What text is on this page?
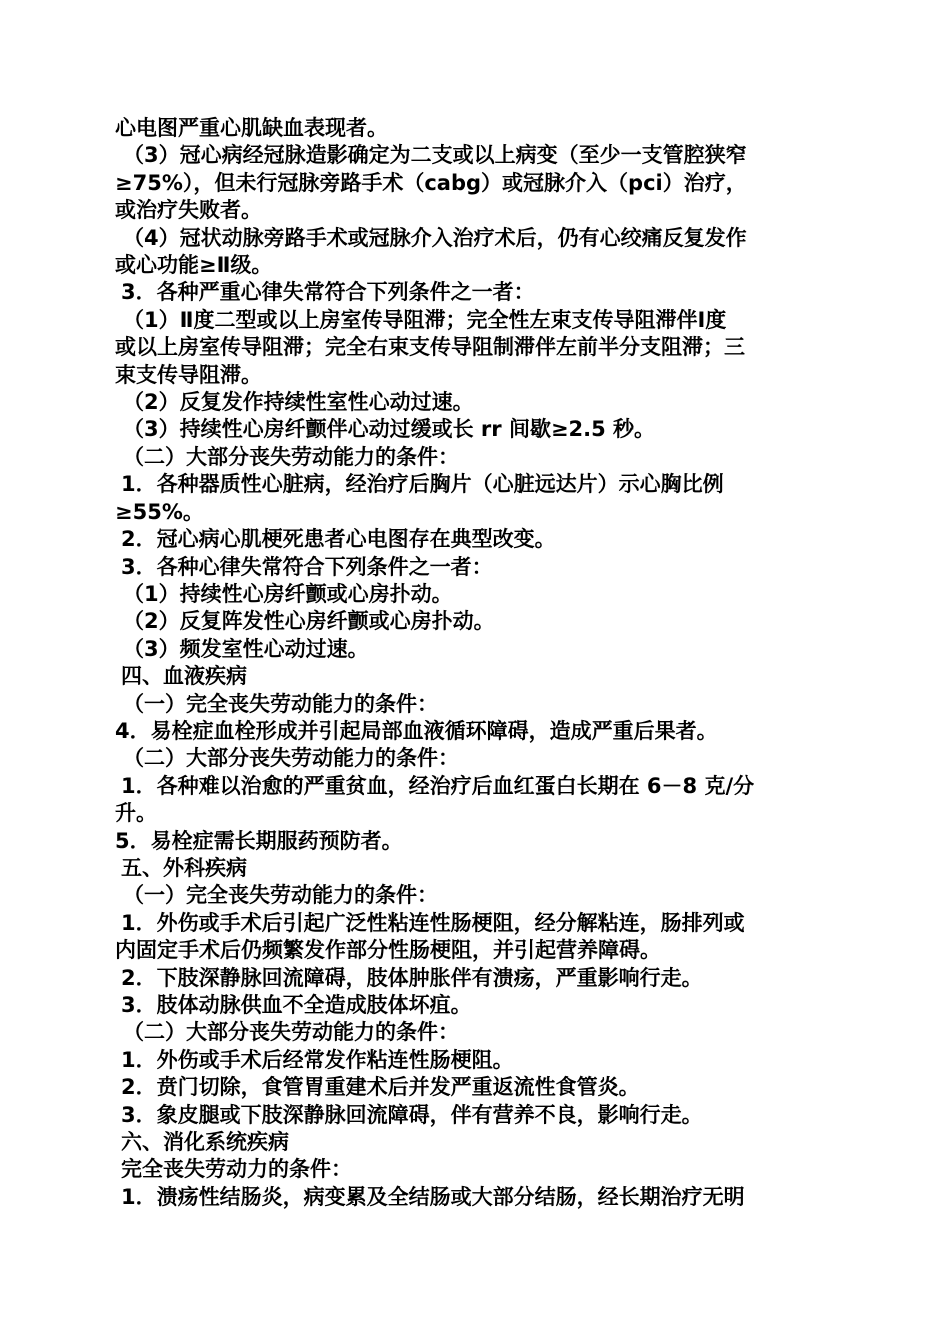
心电图严重心肌缺血表现者。
（3）冠心病经冠脉造影确定为二支或以上病变（至少一支管腔狭窄
≥75%），但未行冠脉旁路手术（cabg）或冠脉介入（pci）治疗，
或治疗失败者。
（4）冠状动脉旁路手术或冠脉介入治疗术后，仍有心绞痛反复发作
或心功能≥Ⅱ级。
3．各种严重心律失常符合下列条件之一者：
（1）Ⅱ度二型或以上房室传导阻滞；完全性左束支传导阻滞伴Ⅰ度
或以上房室传导阻滞；完全右束支传导阻制滞伴左前半分支阻滞；三
束支传导阻滞。
（2）反复发作持续性室性心动过速。
（3）持续性心房纤颤伴心动过缓或长 rr 间歇≥2.5 秒。
（二）大部分丧失劳动能力的条件：
1．各种器质性心脏病，经治疗后胸片（心脏远达片）示心胸比例
≥55%。
2．冠心病心肌梗死患者心电图存在典型改变。
3．各种心律失常符合下列条件之一者：
（1）持续性心房纤颤或心房扑动。
（2）反复阵发性心房纤颤或心房扑动。
（3）频发室性心动过速。
四、血液疾病
（一）完全丧失劳动能力的条件：
4．易栓症血栓形成并引起局部血液循环障碍，造成严重后果者。
（二）大部分丧失劳动能力的条件：
1．各种难以治愈的严重贫血，经治疗后血红蛋白长期在 6－8 克/分
升。
5．易栓症需长期服药预防者。
五、外科疾病
（一）完全丧失劳动能力的条件：
1．外伤或手术后引起广泛性粘连性肠梗阻，经分解粘连，肠排列或
内固定手术后仍频繁发作部分性肠梗阻，并引起营养障碍。
2．下肢深静脉回流障碍，肢体肿胀伴有溃疡，严重影响行走。
3．肢体动脉供血不全造成肢体坏疽。
（二）大部分丧失劳动能力的条件：
1．外伤或手术后经常发作粘连性肠梗阻。
2．贲门切除，食管胃重建术后并发严重返流性食管炎。
3．象皮腿或下肢深静脉回流障碍，伴有营养不良，影响行走。
六、消化系统疾病
完全丧失劳动力的条件：
1．溃疡性结肠炎，病变累及全结肠或大部分结肠，经长期治疗无明
